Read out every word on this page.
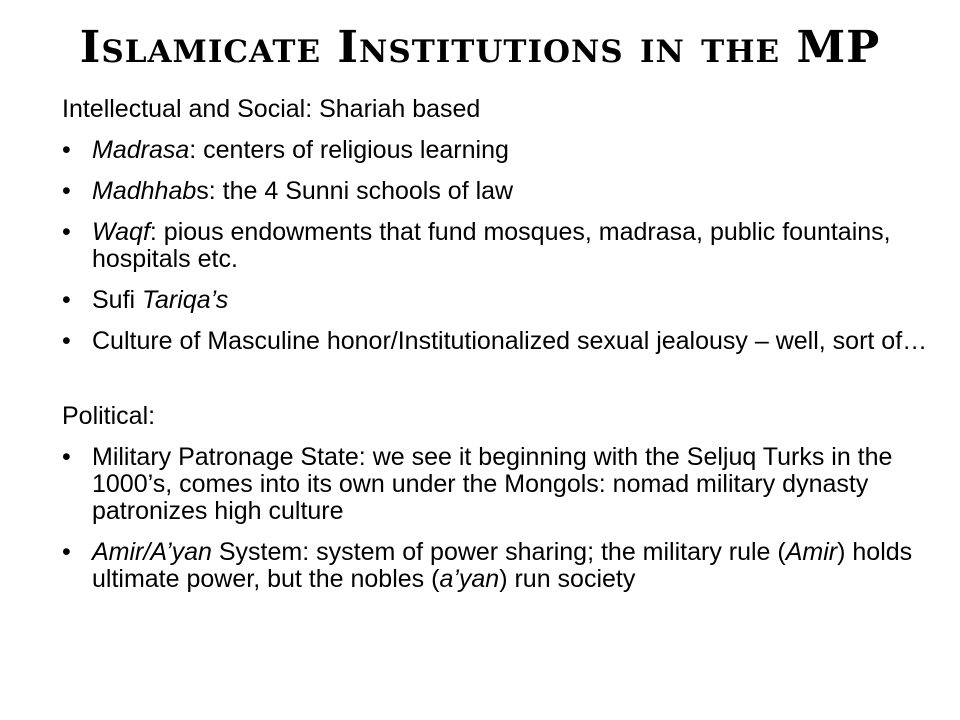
Islamicate Institutions in the MP
Intellectual and Social: Shariah based
• Madrasa: centers of religious learning
• Madhhabs: the 4 Sunni schools of law
• Waqf: pious endowments that fund mosques, madrasa, public fountains, hospitals etc.
• Sufi Tariqa’s
• Culture of Masculine honor/Institutionalized sexual jealousy – well, sort of…
Political:
• Military Patronage State: we see it beginning with the Seljuq Turks in the 1000’s, comes into its own under the Mongols: nomad military dynasty patronizes high culture
• Amir/A’yan System: system of power sharing; the military rule (Amir) holds ultimate power, but the nobles (a’yan) run society
